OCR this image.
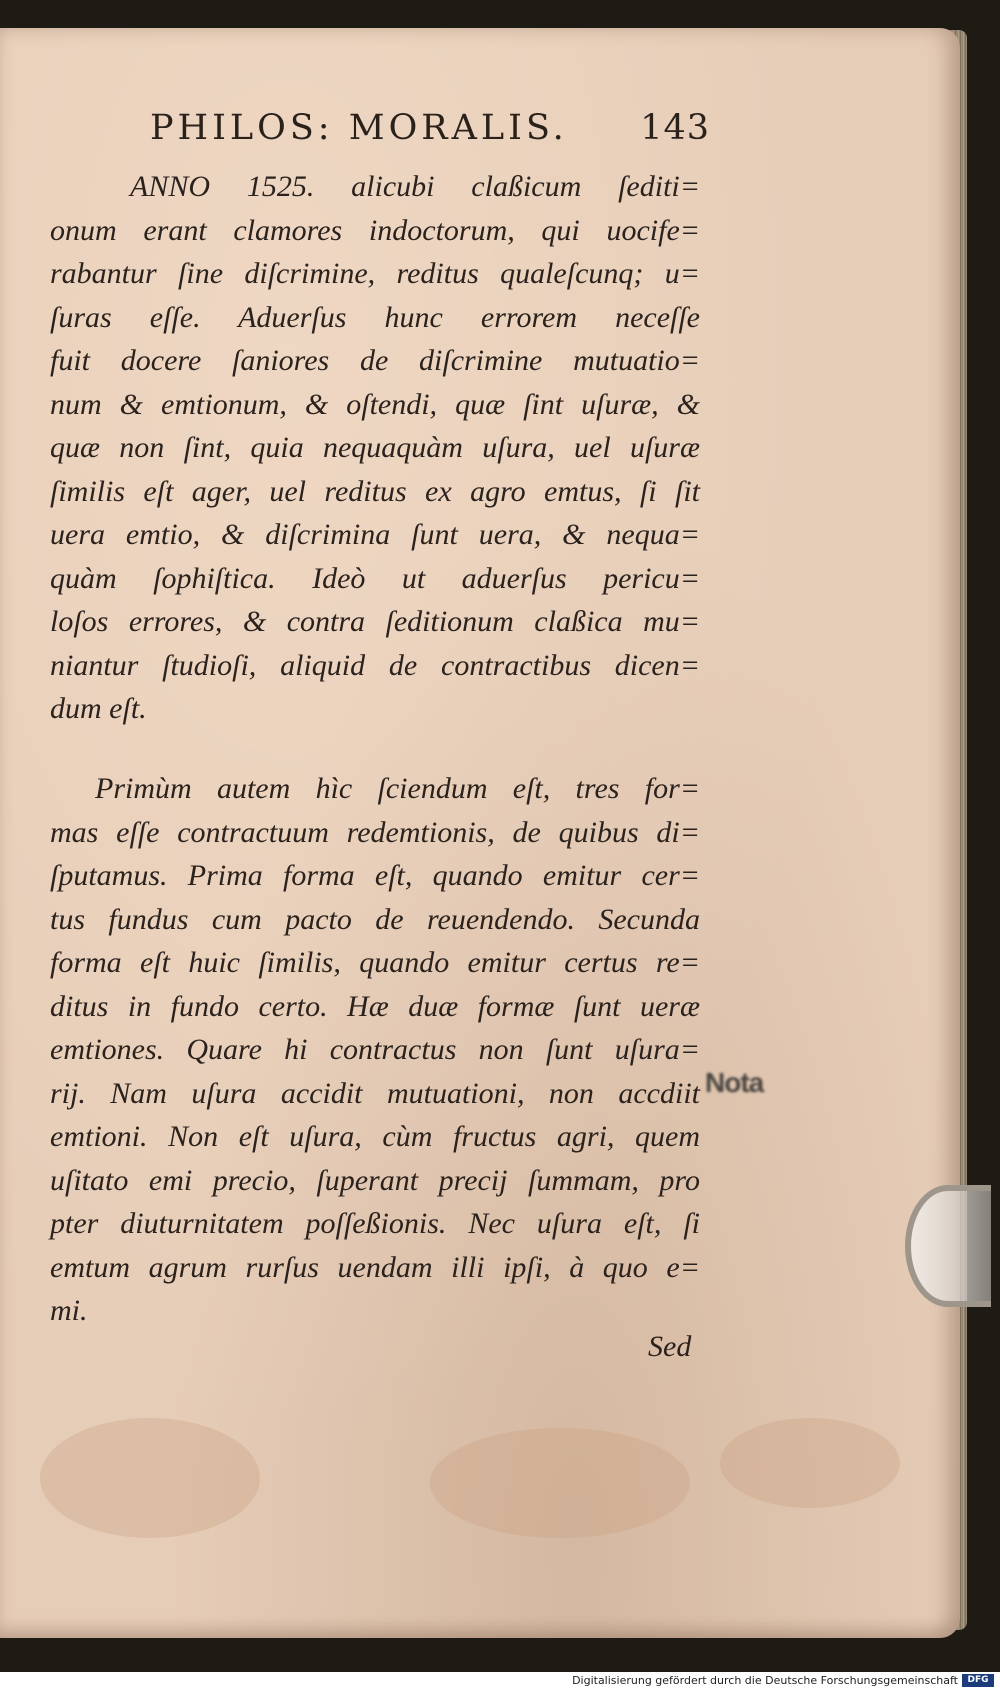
PHILOS: MORALIS. 143
ANNO 1525. alicubi claßicum ſediti=
onum erant clamores indoctorum, qui uocife=
rabantur ſine diſcrimine, reditus qualeſcunq; u=
ſuras eſſe. Aduerſus hunc errorem neceſſe
fuit docere ſaniores de diſcrimine mutuatio=
num & emtionum, & oſtendi, quæ ſint uſuræ, &
quæ non ſint, quia nequaquàm uſura, uel uſuræ
ſimilis eſt ager, uel reditus ex agro emtus, ſi ſit
uera emtio, & diſcrimina ſunt uera, & nequa=
quàm ſophiſtica. Ideò ut aduerſus pericu=
loſos errores, & contra ſeditionum claßica mu=
niantur ſtudioſi, aliquid de contractibus dicen=
dum eſt.
Primùm autem hìc ſciendum eſt, tres for=
mas eſſe contractuum redemtionis, de quibus di=
ſputamus. Prima forma eſt, quando emitur cer=
tus fundus cum pacto de reuendendo. Secunda
forma eſt huic ſimilis, quando emitur certus re=
ditus in fundo certo. Hæ duæ formæ ſunt ueræ
emtiones. Quare hi contractus non ſunt uſura=
rij. Nam uſura accidit mutuationi, non accdiit
emtioni. Non eſt uſura, cùm fructus agri, quem
uſitato emi precio, ſuperant precij ſummam, pro
pter diuturnitatem poſſeßionis. Nec uſura eſt, ſi
emtum agrum rurſus uendam illi ipſi, à quo e=
mi.
Sed
Nota
Digitalisierung gefördert durch die Deutsche Forschungsgemeinschaft	DFG
